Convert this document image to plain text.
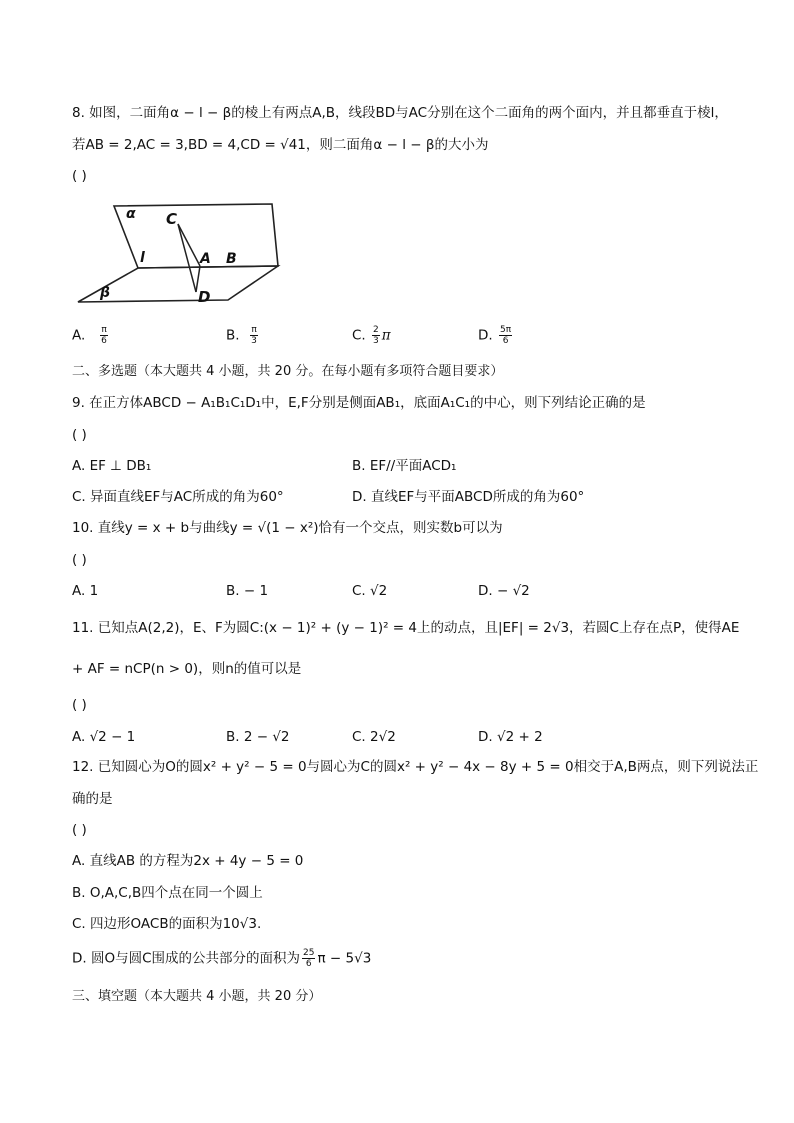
8. 如图，二面角α − l − β的棱上有两点A,B，线段BD与AC分别在这个二面角的两个面内，并且都垂直于棱l，
若AB = 2,AC = 3,BD = 4,CD = √41，则二面角α − l − β的大小为
( )
α C
l	A B
β	D
A. $\frac{\pi}{6}$	B. $\frac{\pi}{3}$	C. $\frac{2}{3}$ π	D. $\frac{5\pi}{6}$
二、多选题（本大题共 4 小题，共 20 分。在每小题有多项符合题目要求）
9. 在正方体ABCD − A₁B₁C₁D₁中，E,F分别是侧面AB₁，底面A₁C₁的中心，则下列结论正确的是
( )
A. EF ⊥ DB₁	B. EF//平面ACD₁
C. 异面直线EF与AC所成的角为60°	D. 直线EF与平面ABCD所成的角为60°
10. 直线y = x + b与曲线y = √(1 − x²)恰有一个交点，则实数b可以为
( )
A. 1	B. − 1	C. √2	D. − √2
11. 已知点A(2,2)，E、F为圆C:(x − 1)² + (y − 1)² = 4上的动点，且|EF| = 2√3，若圆C上存在点P，使得AE
+ AF = nCP(n > 0)，则n的值可以是
( )
A. √2 − 1	B. 2 − √2	C. 2√2	D. √2 + 2
12. 已知圆心为O的圆x² + y² − 5 = 0与圆心为C的圆x² + y² − 4x − 8y + 5 = 0相交于A,B两点，则下列说法正
确的是
( )
A. 直线AB 的方程为2x + 4y − 5 = 0
B. O,A,C,B四个点在同一个圆上
C. 四边形OACB的面积为10√3.
D. 圆O与圆C围成的公共部分的面积为 $\frac{25}{6}$ π − 5√3
三、填空题（本大题共 4 小题，共 20 分）
